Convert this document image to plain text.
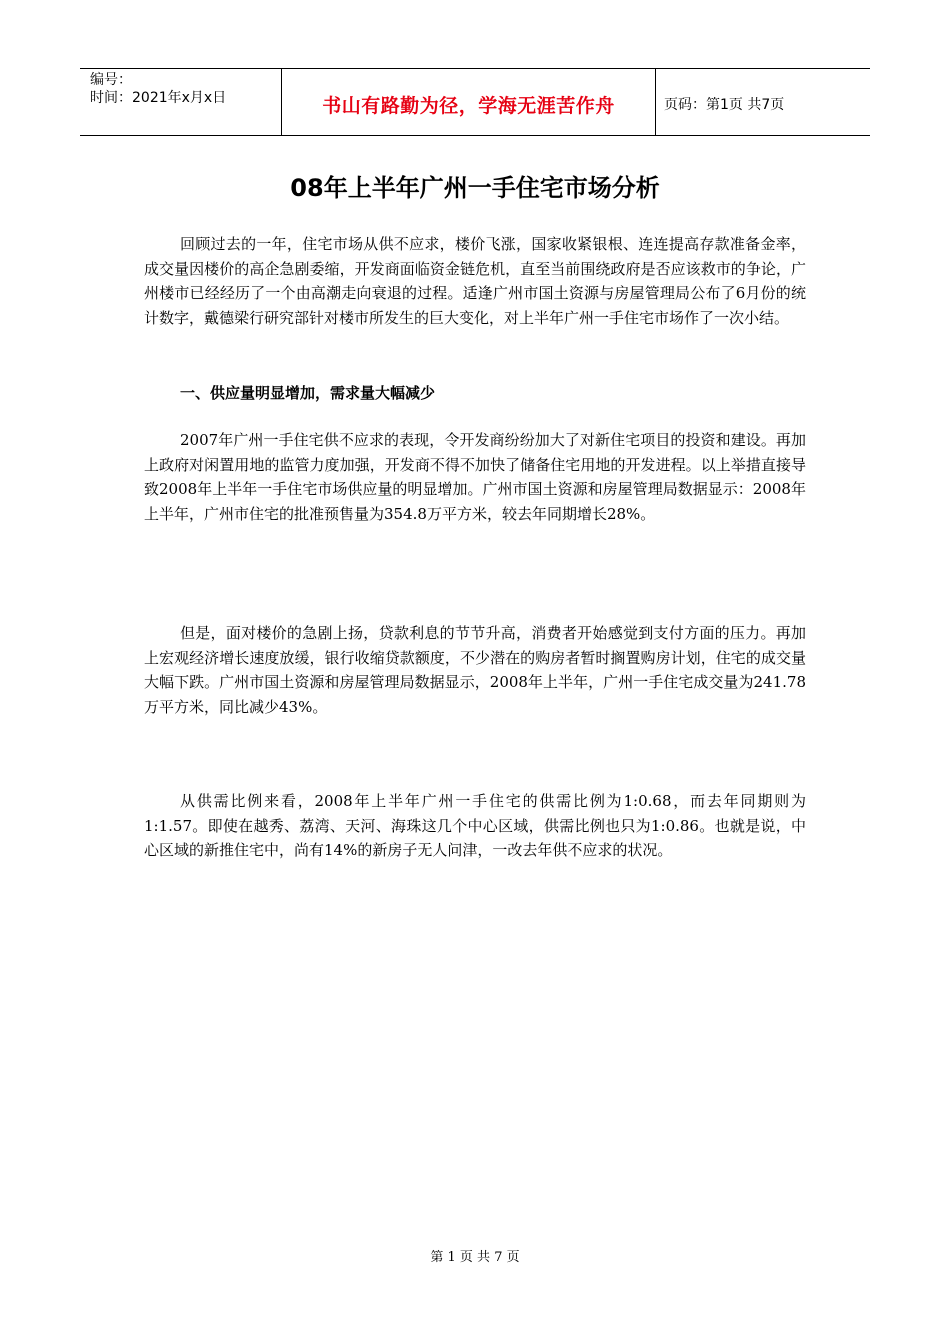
编号：
时间：2021年x月x日	书山有路勤为径，学海无涯苦作舟	页码：第1页 共7页
08年上半年广州一手住宅市场分析

回顾过去的一年，住宅市场从供不应求，楼价飞涨，国家收紧银根、连连提高存款准备金率，成交量因楼价的高企急剧委缩，开发商面临资金链危机，直至当前围绕政府是否应该救市的争论，广州楼市已经经历了一个由高潮走向衰退的过程。适逢广州市国土资源与房屋管理局公布了6月份的统计数字，戴德梁行研究部针对楼市所发生的巨大变化，对上半年广州一手住宅市场作了一次小结。

一、供应量明显增加，需求量大幅减少

2007年广州一手住宅供不应求的表现，令开发商纷纷加大了对新住宅项目的投资和建设。再加上政府对闲置用地的监管力度加强，开发商不得不加快了储备住宅用地的开发进程。以上举措直接导致2008年上半年一手住宅市场供应量的明显增加。广州市国土资源和房屋管理局数据显示：2008年上半年，广州市住宅的批准预售量为354.8万平方米，较去年同期增长28%。

但是，面对楼价的急剧上扬，贷款利息的节节升高，消费者开始感觉到支付方面的压力。再加上宏观经济增长速度放缓，银行收缩贷款额度，不少潜在的购房者暂时搁置购房计划，住宅的成交量大幅下跌。广州市国土资源和房屋管理局数据显示，2008年上半年，广州一手住宅成交量为241.78万平方米，同比减少43%。

从供需比例来看，2008年上半年广州一手住宅的供需比例为1:0.68，而去年同期则为1:1.57。即使在越秀、荔湾、天河、海珠这几个中心区域，供需比例也只为1:0.86。也就是说，中心区域的新推住宅中，尚有14%的新房子无人问津，一改去年供不应求的状况。

第 1 页 共 7 页
